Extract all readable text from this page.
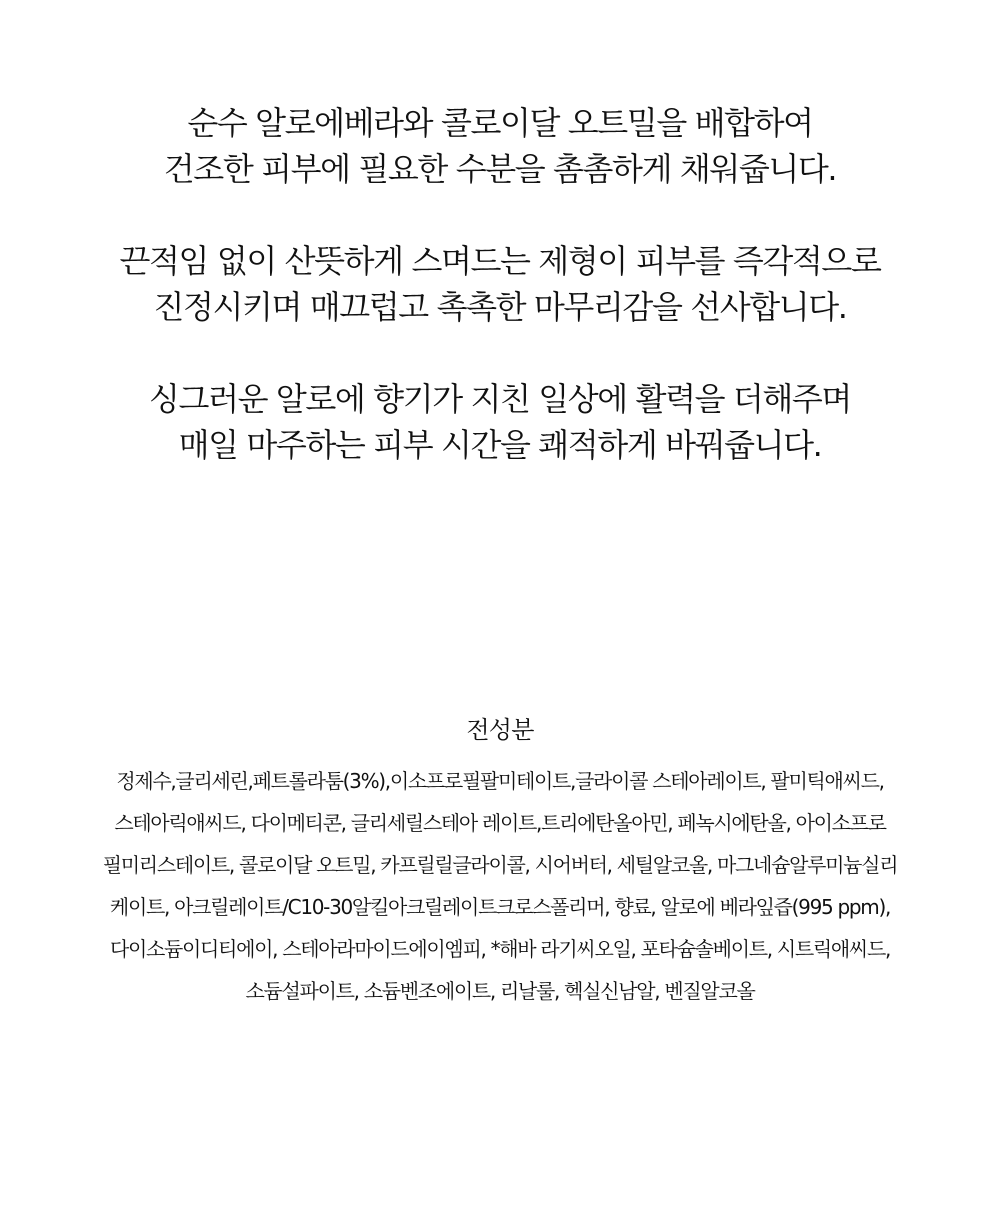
순수 알로에베라와 콜로이달 오트밀을 배합하여
건조한 피부에 필요한 수분을 촘촘하게 채워줍니다.

끈적임 없이 산뜻하게 스며드는 제형이 피부를 즉각적으로
진정시키며 매끄럽고 촉촉한 마무리감을 선사합니다.

싱그러운 알로에 향기가 지친 일상에 활력을 더해주며
매일 마주하는 피부 시간을 쾌적하게 바꿔줍니다.

전성분
정제수,글리세린,페트롤라툼(3%),이소프로필팔미테이트,글라이콜 스테아레이트, 팔미틱애씨드,
스테아릭애씨드, 다이메티콘, 글리세릴스테아 레이트,트리에탄올아민, 페녹시에탄올, 아이소프로
필미리스테이트, 콜로이달 오트밀, 카프릴릴글라이콜, 시어버터, 세틸알코올, 마그네슘알루미늄실리
케이트, 아크릴레이트/C10-30알킬아크릴레이트크로스폴리머, 향료, 알로에 베라잎즙(995 ppm),
다이소듐이디티에이, 스테아라마이드에이엠피, *해바 라기씨오일, 포타슘솔베이트, 시트릭애씨드,
소듐설파이트, 소듐벤조에이트, 리날룰, 헥실신남알, 벤질알코올
